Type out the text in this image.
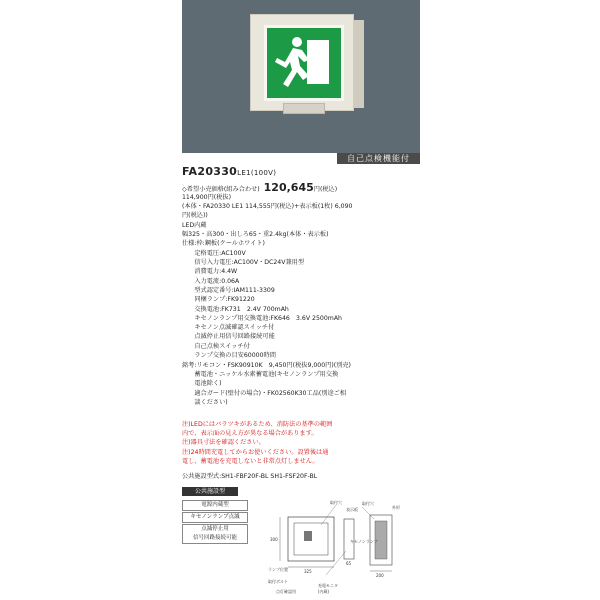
自己点検機能付
FA20330LE1(100V)
◇希望小売価格(組み合わせ) 120,645円(税込)
114,900円(税抜)
(本体・FA20330 LE1 114,555円(税込)+表示板(1枚) 6,090
円(税込))
LED内蔵
幅325・高300・出しろ65・重2.4kg(本体・表示板)
仕様:枠:鋼板(クールホワイト)
　　定格電圧:AC100V
　　信号入力電圧:AC100V・DC24V兼用型
　　消費電力:4.4W
　　入力電流:0.06A
　　型式認定番号:IAM111-3309
　　同梱ランプ:FK91220
　　交換電池:FK731　2.4V 700mAh
　　キセノンランプ用交換電池:FK646　3.6V 2500mAh
　　キセノン点滅確認スイッチ付
　　点滅停止用信号回路接続可能
　　自己点検スイッチ付
　　ランプ交換の目安60000時間
銘考:リモコン・FSK90910K　9,450円(税抜9,000円)(別売)
　　蓄電池・ニッケル水素蓄電池(キセノンランプ用交換
　　電池除く)
　　適合ガード(壁付の場合)・FK02560K30工品(別途ご相
　　談ください)
注)LEDにはバラツキがあるため、消防法の基準の範囲
内で、表示面の見え方が異なる場合があります。
注)器具寸法を確認ください。
注)24時間充電してからお使いください。設置後は通
電し、蓄電池を充電しないと非常点灯しません。
公共施設型式:SH1-FBF20F-BL SH1-FSF20F-BL
公共施設型
電源内蔵型
キセノンランプ点滅
点滅停止用
信号回路接続可能
取付穴
表示板
取付穴
外形
取付ボルト
キセノンランプ
ランプ位置
点灯確認用
充電モニタ
(内蔵)
300
325
65
200
